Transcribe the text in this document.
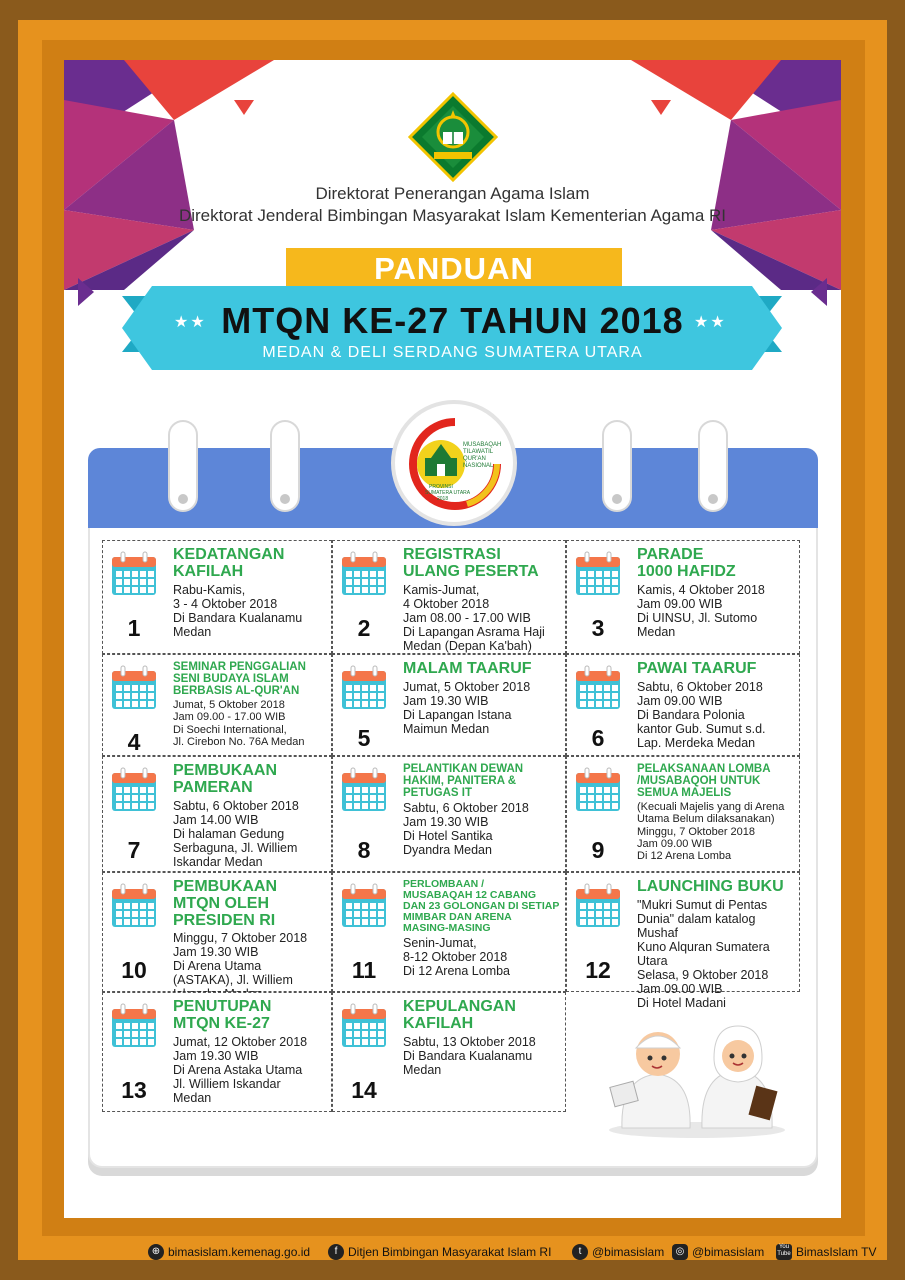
Direktorat Penerangan Agama Islam
Direktorat Jenderal Bimbingan Masyarakat Islam Kementerian Agama RI
PANDUAN
★★	★★
MTQN KE-27 TAHUN 2018
MEDAN & DELI SERDANG SUMATERA UTARA
MUSABAQAH
TILAWATIL
QUR'AN
NASIONAL
PROVINSI
SUMATERA UTARA
2018
1
KEDATANGAN
KAFILAH
Rabu-Kamis,
3 - 4 Oktober 2018
Di Bandara Kualanamu
Medan	2
REGISTRASI
ULANG PESERTA
Kamis-Jumat,
4 Oktober 2018
Jam 08.00 - 17.00 WIB
Di Lapangan Asrama Haji
Medan (Depan Ka'bah)
3
PARADE
1000 HAFIDZ
Kamis, 4 Oktober 2018
Jam 09.00 WIB
Di UINSU, Jl. Sutomo
Medan
4
SEMINAR PENGGALIAN
SENI BUDAYA ISLAM
BERBASIS AL-QUR'AN
Jumat, 5 Oktober 2018
Jam 09.00 - 17.00 WIB
Di Soechi International,
Jl. Cirebon No. 76A Medan	5
MALAM TAARUF
Jumat, 5 Oktober 2018
Jam 19.30 WIB
Di Lapangan Istana
Maimun Medan	6
PAWAI TAARUF
Sabtu, 6 Oktober 2018
Jam 09.00 WIB
Di Bandara Polonia
kantor Gub. Sumut s.d.
Lap. Merdeka Medan
7
PEMBUKAAN
PAMERAN
Sabtu, 6 Oktober 2018
Jam 14.00 WIB
Di halaman Gedung
Serbaguna, Jl. Williem
Iskandar Medan	8
PELANTIKAN DEWAN
HAKIM, PANITERA &
PETUGAS IT
Sabtu, 6 Oktober 2018
Jam 19.30 WIB
Di Hotel Santika
Dyandra Medan	9
PELAKSANAAN LOMBA
/MUSABAQOH UNTUK
SEMUA MAJELIS
(Kecuali Majelis yang di Arena
Utama Belum dilaksanakan)
Minggu, 7 Oktober 2018
Jam 09.00 WIB
Di 12 Arena Lomba
10
PEMBUKAAN
MTQN OLEH
PRESIDEN RI
Minggu, 7 Oktober 2018
Jam 19.30 WIB
Di Arena Utama
(ASTAKA), Jl. Williem	11
PERLOMBAAN /
MUSABAQAH 12 CABANG
DAN 23 GOLONGAN DI SETIAP
MIMBAR DAN ARENA
MASING-MASING
Senin-Jumat,
8-12 Oktober 2018
Di 12 Arena Lomba	12
LAUNCHING BUKU
"Mukri Sumut di Pentas
Dunia" dalam katalog Mushaf
Kuno Alquran Sumatera Utara
Selasa, 9 Oktober 2018
Jam 09.00 WIB
Di Hotel Madani
13
PENUTUPAN
MTQN KE-27
Jumat, 12 Oktober 2018
Jam 19.30 WIB
Di Arena Astaka Utama
Jl. Williem Iskandar
Medan	14
KEPULANGAN
KAFILAH
Sabtu, 13 Oktober 2018
Di Bandara Kualanamu
Medan
⊕ bimasislam.kemenag.go.id	f Ditjen Bimbingan Masyarakat Islam RI	t @bimasislam	◎ @bimasislam	You
Tube BimasIslam TV
